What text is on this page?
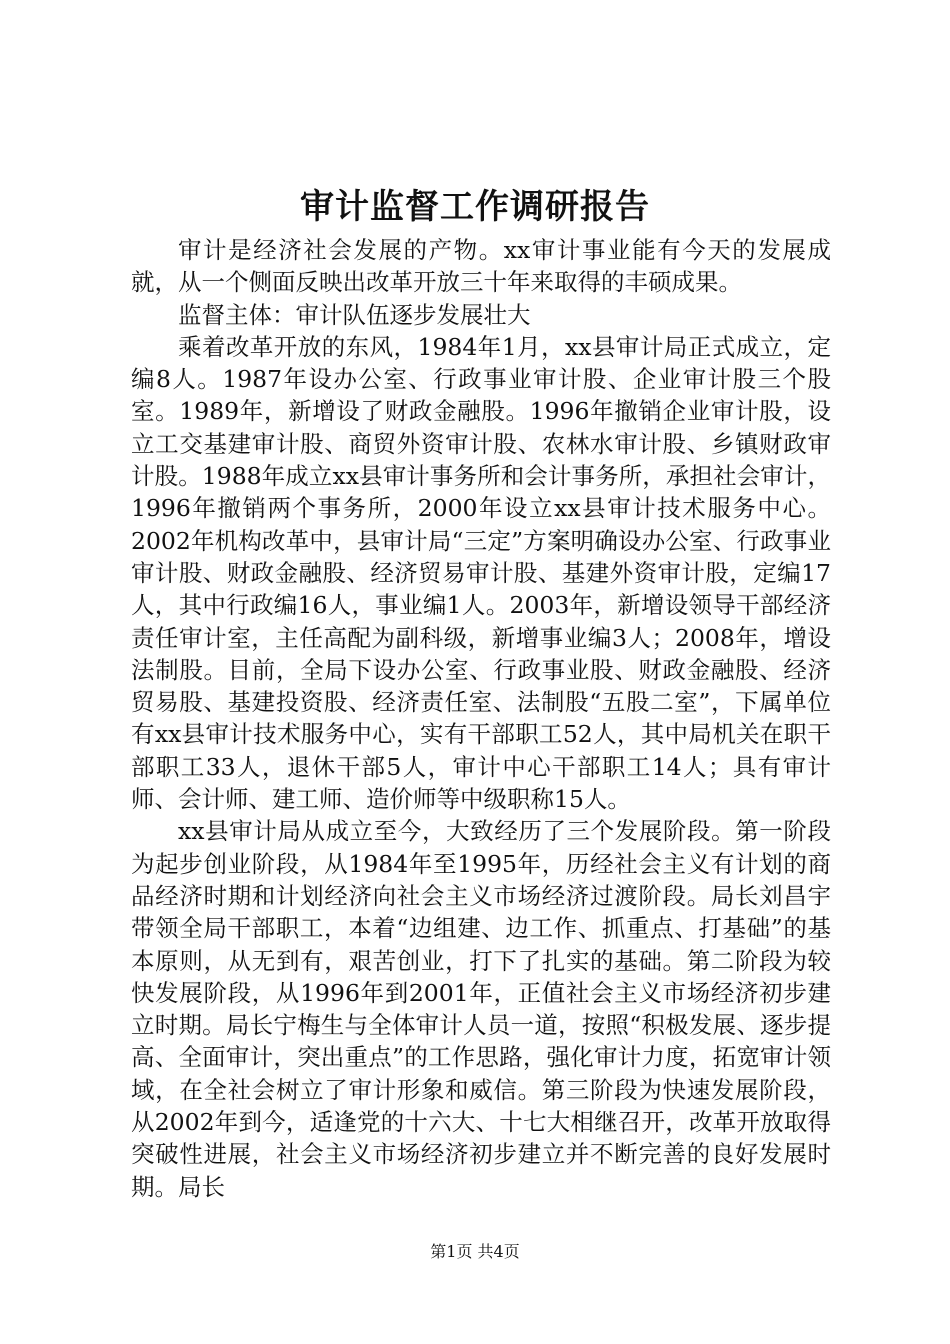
审计监督工作调研报告

审计是经济社会发展的产物。xx审计事业能有今天的发展成就，从一个侧面反映出改革开放三十年来取得的丰硕成果。

监督主体：审计队伍逐步发展壮大

乘着改革开放的东风，1984年1月，xx县审计局正式成立，定编8人。1987年设办公室、行政事业审计股、企业审计股三个股室。1989年，新增设了财政金融股。1996年撤销企业审计股，设立工交基建审计股、商贸外资审计股、农林水审计股、乡镇财政审计股。1988年成立xx县审计事务所和会计事务所，承担社会审计，1996年撤销两个事务所，2000年设立xx县审计技术服务中心。2002年机构改革中，县审计局“三定”方案明确设办公室、行政事业审计股、财政金融股、经济贸易审计股、基建外资审计股，定编17人，其中行政编16人，事业编1人。2003年，新增设领导干部经济责任审计室，主任高配为副科级，新增事业编3人；2008年，增设法制股。目前，全局下设办公室、行政事业股、财政金融股、经济贸易股、基建投资股、经济责任室、法制股“五股二室”，下属单位有xx县审计技术服务中心，实有干部职工52人，其中局机关在职干部职工33人，退休干部5人，审计中心干部职工14人；具有审计师、会计师、建工师、造价师等中级职称15人。

xx县审计局从成立至今，大致经历了三个发展阶段。第一阶段为起步创业阶段，从1984年至1995年，历经社会主义有计划的商品经济时期和计划经济向社会主义市场经济过渡阶段。局长刘昌宇带领全局干部职工，本着“边组建、边工作、抓重点、打基础”的基本原则，从无到有，艰苦创业，打下了扎实的基础。第二阶段为较快发展阶段，从1996年到2001年，正值社会主义市场经济初步建立时期。局长宁梅生与全体审计人员一道，按照“积极发展、逐步提高、全面审计，突出重点”的工作思路，强化审计力度，拓宽审计领域，在全社会树立了审计形象和威信。第三阶段为快速发展阶段，从2002年到今，适逢党的十六大、十七大相继召开，改革开放取得突破性进展，社会主义市场经济初步建立并不断完善的良好发展时期。局长

第1页 共4页
